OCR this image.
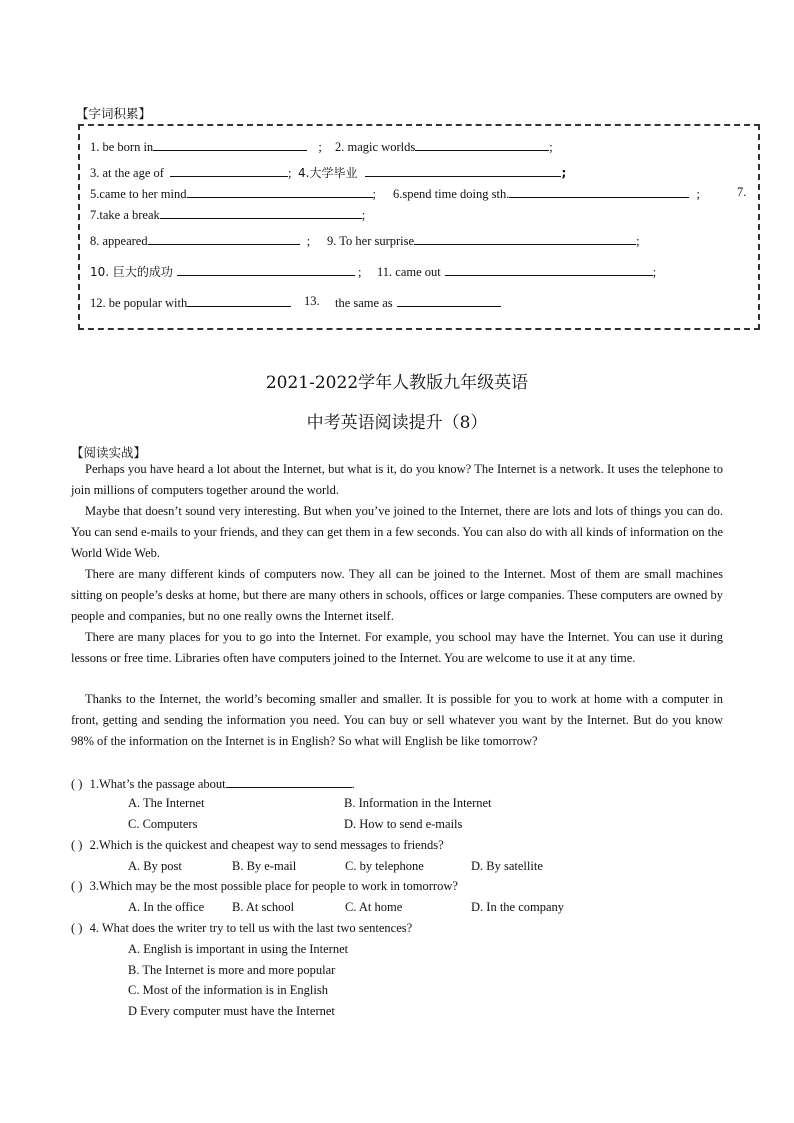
【字词积累】
1. be born in	; 2. magic worlds	;
3. at the age of	; 4.大学毕业	;
5.came to her mind	; 6.spend time doing sth.	;	7.
7.take a break	;
8. appeared	; 9. To her surprise	;
10. 巨大的成功	; 11. came out	;
12. be popular with	13. the same as
2021-2022学年人教版九年级英语
中考英语阅读提升（8）
【阅读实战】
Perhaps you have heard a lot about the Internet, but what is it, do you know? The Internet is a network. It uses the telephone to join millions of computers together around the world.
Maybe that doesn’t sound very interesting. But when you’ve joined to the Internet, there are lots and lots of things you can do. You can send e-mails to your friends, and they can get them in a few seconds. You can also do with all kinds of information on the World Wide Web.
There are many different kinds of computers now. They all can be joined to the Internet. Most of them are small machines sitting on people’s desks at home, but there are many others in schools, offices or large companies. These computers are owned by people and companies, but no one really owns the Internet itself.
There are many places for you to go into the Internet. For example, you school may have the Internet. You can use it during lessons or free time. Libraries often have computers joined to the Internet. You are welcome to use it at any time.
Thanks to the Internet, the world’s becoming smaller and smaller. It is possible for you to work at home with a computer in front, getting and sending the information you need. You can buy or sell whatever you want by the Internet. But do you know 98% of the information on the Internet is in English? So what will English be like tomorrow?
( ) 1.What’s the passage about	.
A. The Internet	B. Information in the Internet
C. Computers	D. How to send e-mails
( ) 2.Which is the quickest and cheapest way to send messages to friends?
A. By post	B. By e-mail	C. by telephone	D. By satellite
( ) 3.Which may be the most possible place for people to work in tomorrow?
A. In the office B. At school	C. At home	D. In the company
( ) 4. What does the writer try to tell us with the last two sentences?
A. English is important in using the Internet
B. The Internet is more and more popular
C. Most of the information is in English
D Every computer must have the Internet
